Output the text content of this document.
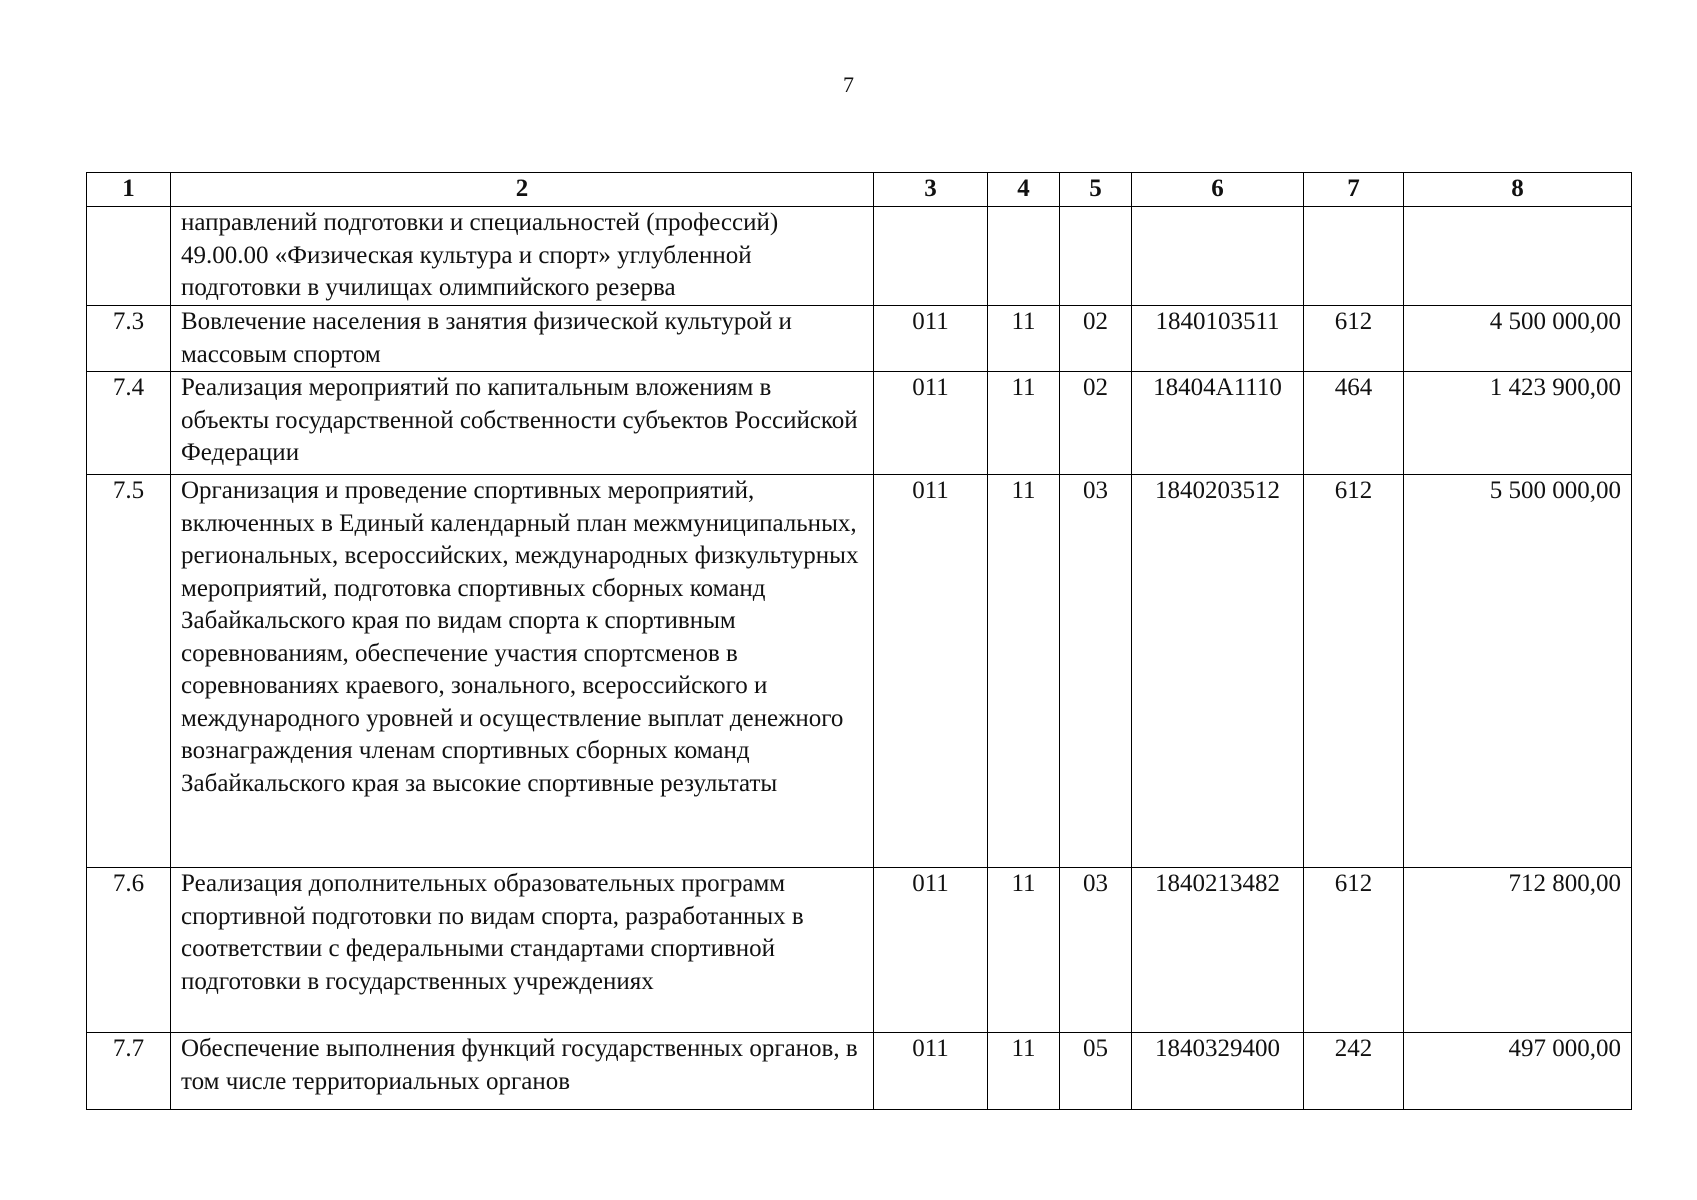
7
1	2	3	4	5	6	7	8
	направлений подготовки и специальностей (профессий) 49.00.00 «Физическая культура и спорт» углубленной подготовки в училищах олимпийского резерва						
7.3	Вовлечение населения в занятия физической культурой и массовым спортом	011	11	02	1840103511	612	4 500 000,00
7.4	Реализация мероприятий по капитальным вложениям в объекты государственной собственности субъектов Российской Федерации	011	11	02	18404А1110	464	1 423 900,00
7.5	Организация и проведение спортивных мероприятий, включенных в Единый календарный план межмуниципальных, региональных, всероссийских, международных физкультурных мероприятий, подготовка спортивных сборных команд Забайкальского края по видам спорта к спортивным соревнованиям, обеспечение участия спортсменов в соревнованиях краевого, зонального, всероссийского и международного уровней и осуществление выплат денежного вознаграждения членам спортивных сборных команд Забайкальского края за высокие спортивные результаты	011	11	03	1840203512	612	5 500 000,00
7.6	Реализация дополнительных образовательных программ спортивной подготовки по видам спорта, разработанных в соответствии с федеральными стандартами спортивной подготовки в государственных учреждениях	011	11	03	1840213482	612	712 800,00
7.7	Обеспечение выполнения функций государственных органов, в том числе территориальных органов	011	11	05	1840329400	242	497 000,00
